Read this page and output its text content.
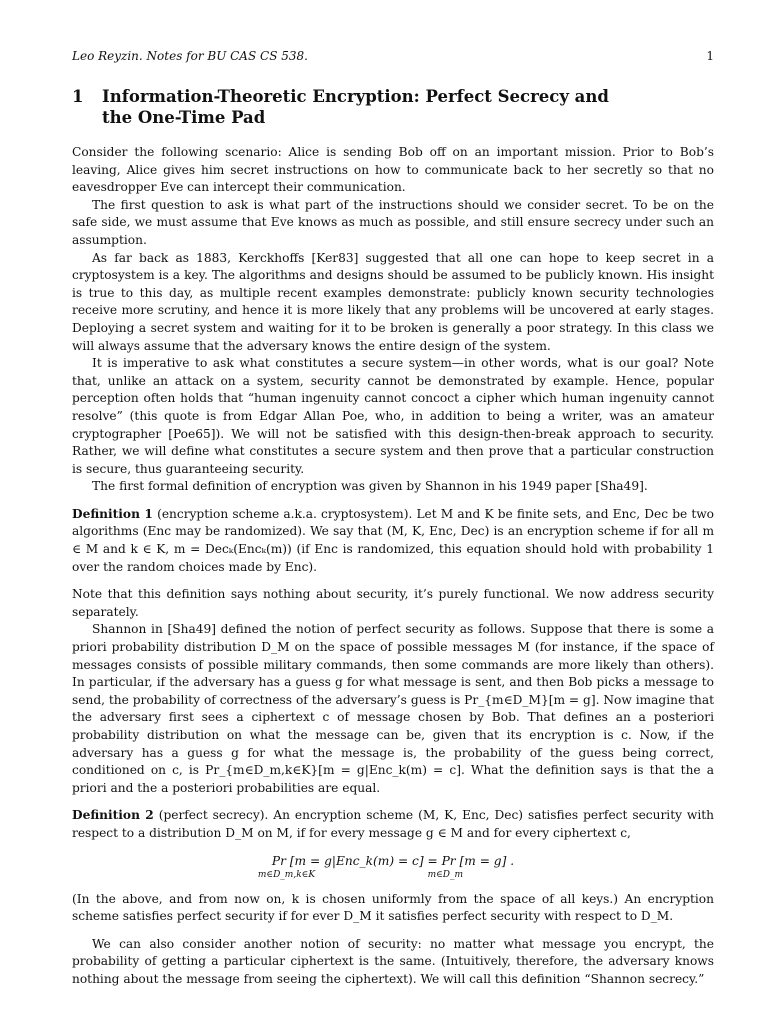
Leo Reyzin. Notes for BU CAS CS 538.	1
1 Information-Theoretic Encryption: Perfect Secrecy and
the One-Time Pad

Consider the following scenario: Alice is sending Bob off on an important mission. Prior to Bob’s leaving, Alice gives him secret instructions on how to communicate back to her secretly so that no eavesdropper Eve can intercept their communication.

The first question to ask is what part of the instructions should we consider secret. To be on the safe side, we must assume that Eve knows as much as possible, and still ensure secrecy under such an assumption.

As far back as 1883, Kerckhoffs [Ker83] suggested that all one can hope to keep secret in a cryptosystem is a key. The algorithms and designs should be assumed to be publicly known. His insight is true to this day, as multiple recent examples demonstrate: publicly known security technologies receive more scrutiny, and hence it is more likely that any problems will be uncovered at early stages. Deploying a secret system and waiting for it to be broken is generally a poor strategy. In this class we will always assume that the adversary knows the entire design of the system.

It is imperative to ask what constitutes a secure system—in other words, what is our goal? Note that, unlike an attack on a system, security cannot be demonstrated by example. Hence, popular perception often holds that “human ingenuity cannot concoct a cipher which human ingenuity cannot resolve” (this quote is from Edgar Allan Poe, who, in addition to being a writer, was an amateur cryptographer [Poe65]). We will not be satisfied with this design-then-break approach to security. Rather, we will define what constitutes a secure system and then prove that a particular construction is secure, thus guaranteeing security.

The first formal definition of encryption was given by Shannon in his 1949 paper [Sha49].

Definition 1 (encryption scheme a.k.a. cryptosystem). Let M and K be finite sets, and Enc, Dec be two algorithms (Enc may be randomized). We say that (M, K, Enc, Dec) is an encryption scheme if for all m ∈ M and k ∈ K, m = Decₖ(Encₖ(m)) (if Enc is randomized, this equation should hold with probability 1 over the random choices made by Enc).

Note that this definition says nothing about security, it’s purely functional. We now address security separately.

Shannon in [Sha49] defined the notion of perfect security as follows. Suppose that there is some a priori probability distribution D_M on the space of possible messages M (for instance, if the space of messages consists of possible military commands, then some commands are more likely than others). In particular, if the adversary has a guess g for what message is sent, and then Bob picks a message to send, the probability of correctness of the adversary’s guess is Pr_{m∈D_M}[m = g]. Now imagine that the adversary first sees a ciphertext c of message chosen by Bob. That defines an a posteriori probability distribution on what the message can be, given that its encryption is c. Now, if the adversary has a guess g for what the message is, the probability of the guess being correct, conditioned on c, is Pr_{m∈D_m,k∈K}[m = g|Enc_k(m) = c]. What the definition says is that the a priori and the a posteriori probabilities are equal.

Definition 2 (perfect secrecy). An encryption scheme (M, K, Enc, Dec) satisfies perfect security with respect to a distribution D_M on M, if for every message g ∈ M and for every ciphertext c,

Pr
m∈D_m,k∈K
[m = g|Enc_k(m) = c] = Pr
m∈D_m
[m = g] .

(In the above, and from now on, k is chosen uniformly from the space of all keys.) An encryption scheme satisfies perfect security if for ever D_M it satisfies perfect security with respect to D_M.

We can also consider another notion of security: no matter what message you encrypt, the probability of getting a particular ciphertext is the same. (Intuitively, therefore, the adversary knows nothing about the message from seeing the ciphertext). We will call this definition “Shannon secrecy.”
